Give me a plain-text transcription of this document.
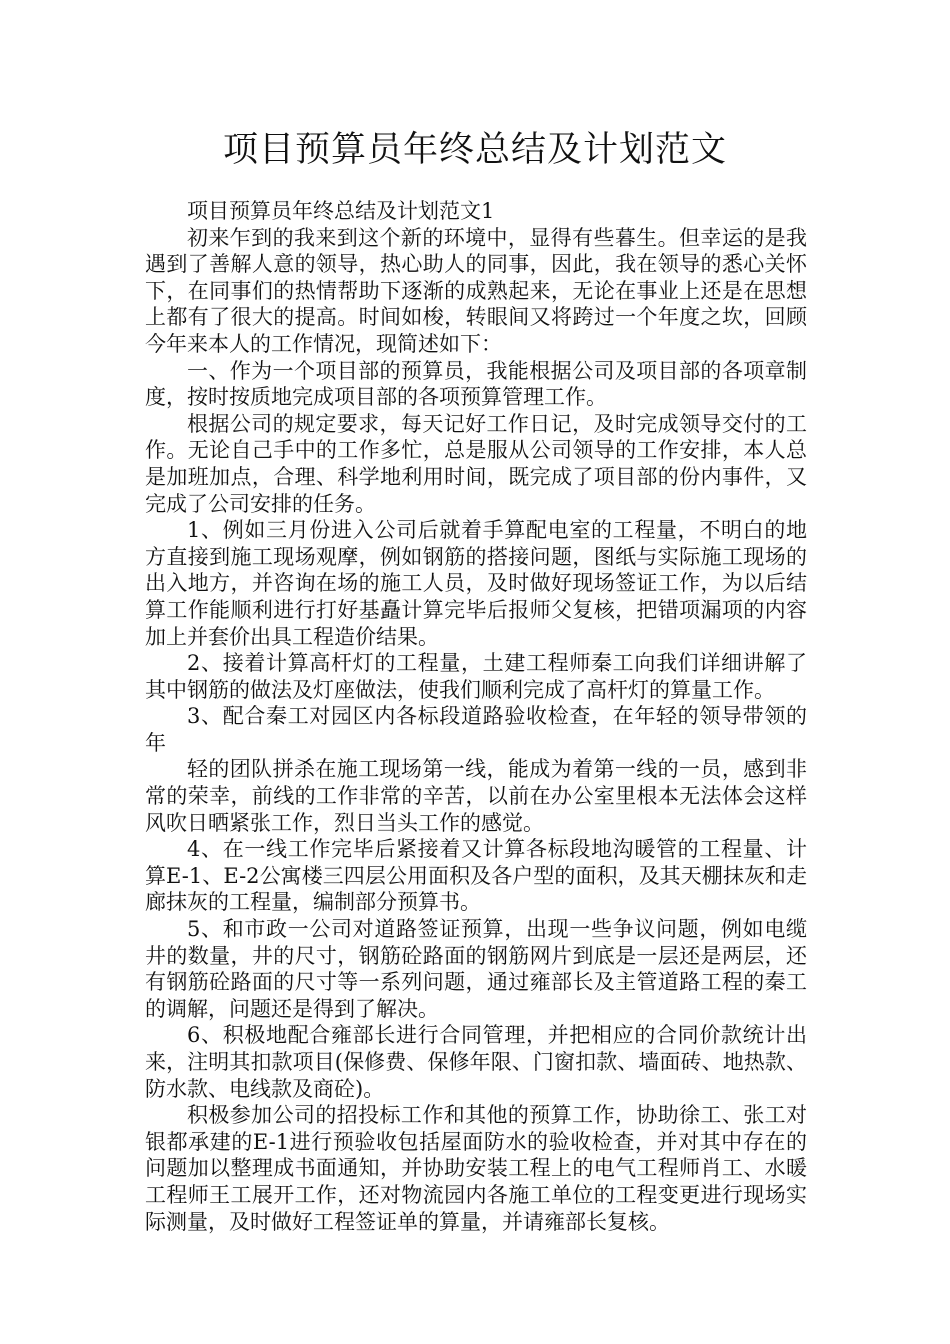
项目预算员年终总结及计划范文

项目预算员年终总结及计划范文1

初来乍到的我来到这个新的环境中，显得有些暮生。但幸运的是我遇到了善解人意的领导，热心助人的同事，因此，我在领导的悉心关怀下，在同事们的热情帮助下逐渐的成熟起来，无论在事业上还是在思想上都有了很大的提高。时间如梭，转眼间又将跨过一个年度之坎，回顾今年来本人的工作情况，现简述如下：

一、作为一个项目部的预算员，我能根据公司及项目部的各项章制度，按时按质地完成项目部的各项预算管理工作。

根据公司的规定要求，每天记好工作日记，及时完成领导交付的工作。无论自己手中的工作多忙，总是服从公司领导的工作安排，本人总是加班加点，合理、科学地利用时间，既完成了项目部的份内事件，又完成了公司安排的任务。

1、例如三月份进入公司后就着手算配电室的工程量，不明白的地方直接到施工现场观摩，例如钢筋的搭接问题，图纸与实际施工现场的出入地方，并咨询在场的施工人员，及时做好现场签证工作，为以后结算工作能顺利进行打好基矗计算完毕后报师父复核，把错项漏项的内容加上并套价出具工程造价结果。

2、接着计算高杆灯的工程量，土建工程师秦工向我们详细讲解了其中钢筋的做法及灯座做法，使我们顺利完成了高杆灯的算量工作。

3、配合秦工对园区内各标段道路验收检查，在年轻的领导带领的年

轻的团队拼杀在施工现场第一线，能成为着第一线的一员，感到非常的荣幸，前线的工作非常的辛苦，以前在办公室里根本无法体会这样风吹日晒紧张工作，烈日当头工作的感觉。

4、在一线工作完毕后紧接着又计算各标段地沟暖管的工程量、计算E-1、E-2公寓楼三四层公用面积及各户型的面积，及其天棚抹灰和走廊抹灰的工程量，编制部分预算书。

5、和市政一公司对道路签证预算，出现一些争议问题，例如电缆井的数量，井的尺寸，钢筋砼路面的钢筋网片到底是一层还是两层，还有钢筋砼路面的尺寸等一系列问题，通过雍部长及主管道路工程的秦工的调解，问题还是得到了解决。

6、积极地配合雍部长进行合同管理，并把相应的合同价款统计出来，注明其扣款项目(保修费、保修年限、门窗扣款、墙面砖、地热款、防水款、电线款及商砼)。

积极参加公司的招投标工作和其他的预算工作，协助徐工、张工对银都承建的E-1进行预验收包括屋面防水的验收检查，并对其中存在的问题加以整理成书面通知，并协助安装工程上的电气工程师肖工、水暖工程师王工展开工作，还对物流园内各施工单位的工程变更进行现场实际测量，及时做好工程签证单的算量，并请雍部长复核。
